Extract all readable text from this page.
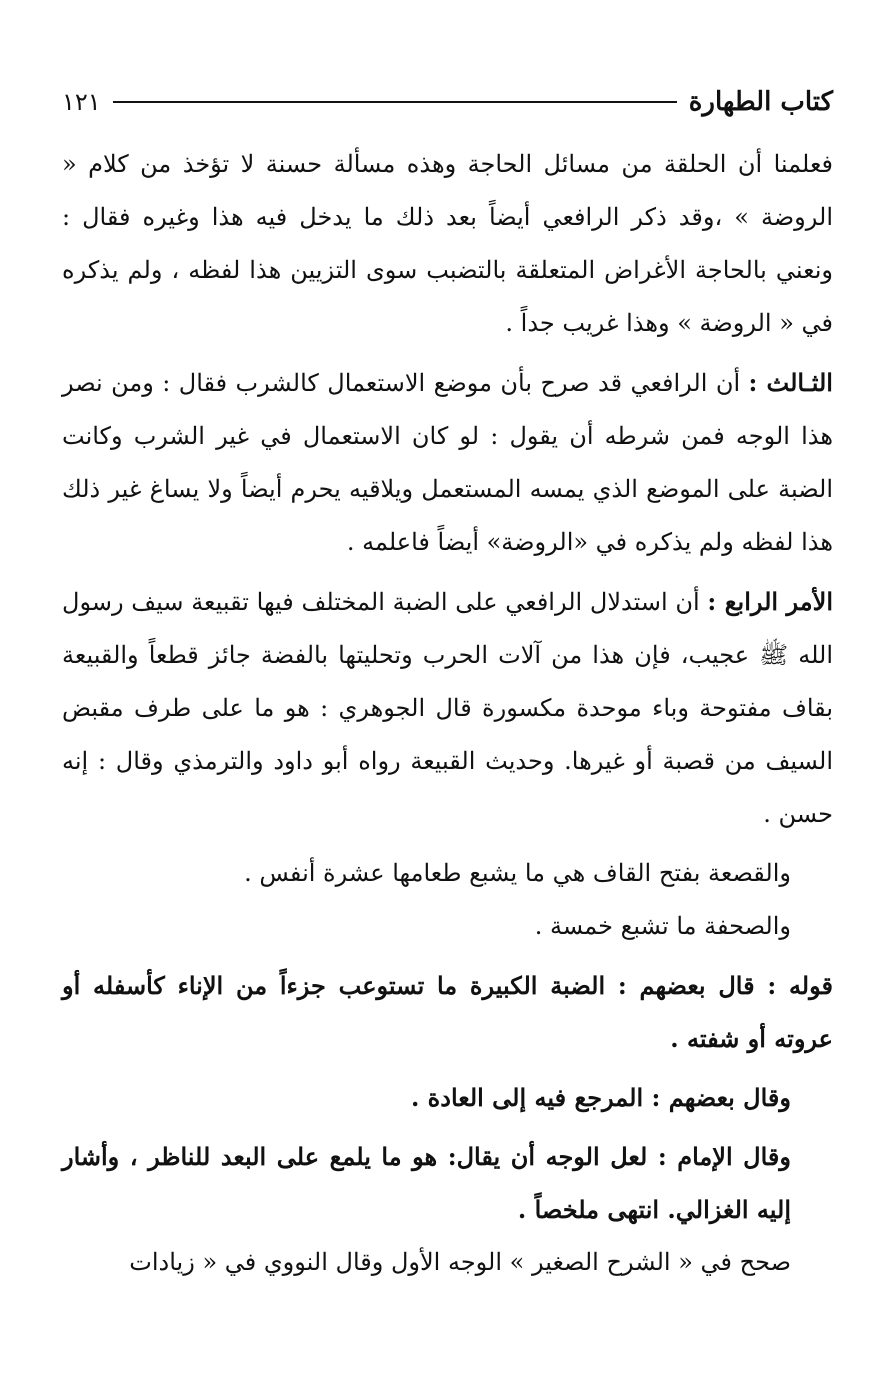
كتاب الطهارة
١٢١

فعلمنا أن الحلقة من مسائل الحاجة وهذه مسألة حسنة لا تؤخذ من كلام « الروضة » ،وقد ذكر الرافعي أيضاً بعد ذلك ما يدخل فيه هذا وغيره فقال : ونعني بالحاجة الأغراض المتعلقة بالتضبب سوى التزيين هذا لفظه ، ولم يذكره في « الروضة » وهذا غريب جداً .

الثـالث : أن الرافعي قد صرح بأن موضع الاستعمال كالشرب فقال : ومن نصر هذا الوجه فمن شرطه أن يقول : لو كان الاستعمال في غير الشرب وكانت الضبة على الموضع الذي يمسه المستعمل ويلاقيه يحرم أيضاً ولا يساغ غير ذلك هذا لفظه ولم يذكره في «الروضة» أيضاً فاعلمه .

الأمر الرابع : أن استدلال الرافعي على الضبة المختلف فيها تقبيعة سيف رسول الله ﷺ عجيب، فإن هذا من آلات الحرب وتحليتها بالفضة جائز قطعاً والقبيعة بقاف مفتوحة وباء موحدة مكسورة قال الجوهري : هو ما على طرف مقبض السيف من قصبة أو غيرها. وحديث القبيعة رواه أبو داود والترمذي وقال : إنه حسن .

والقصعة بفتح القاف هي ما يشبع طعامها عشرة أنفس .

والصحفة ما تشبع خمسة .

قوله : قال بعضهم : الضبة الكبيرة ما تستوعب جزءاً من الإناء كأسفله أو عروته أو شفته .

وقال بعضهم : المرجع فيه إلى العادة .

وقال الإمام : لعل الوجه أن يقال: هو ما يلمع على البعد للناظر ، وأشار إليه الغزالي. انتهى ملخصاً .

صحح في « الشرح الصغير » الوجه الأول وقال النووي في « زيادات
